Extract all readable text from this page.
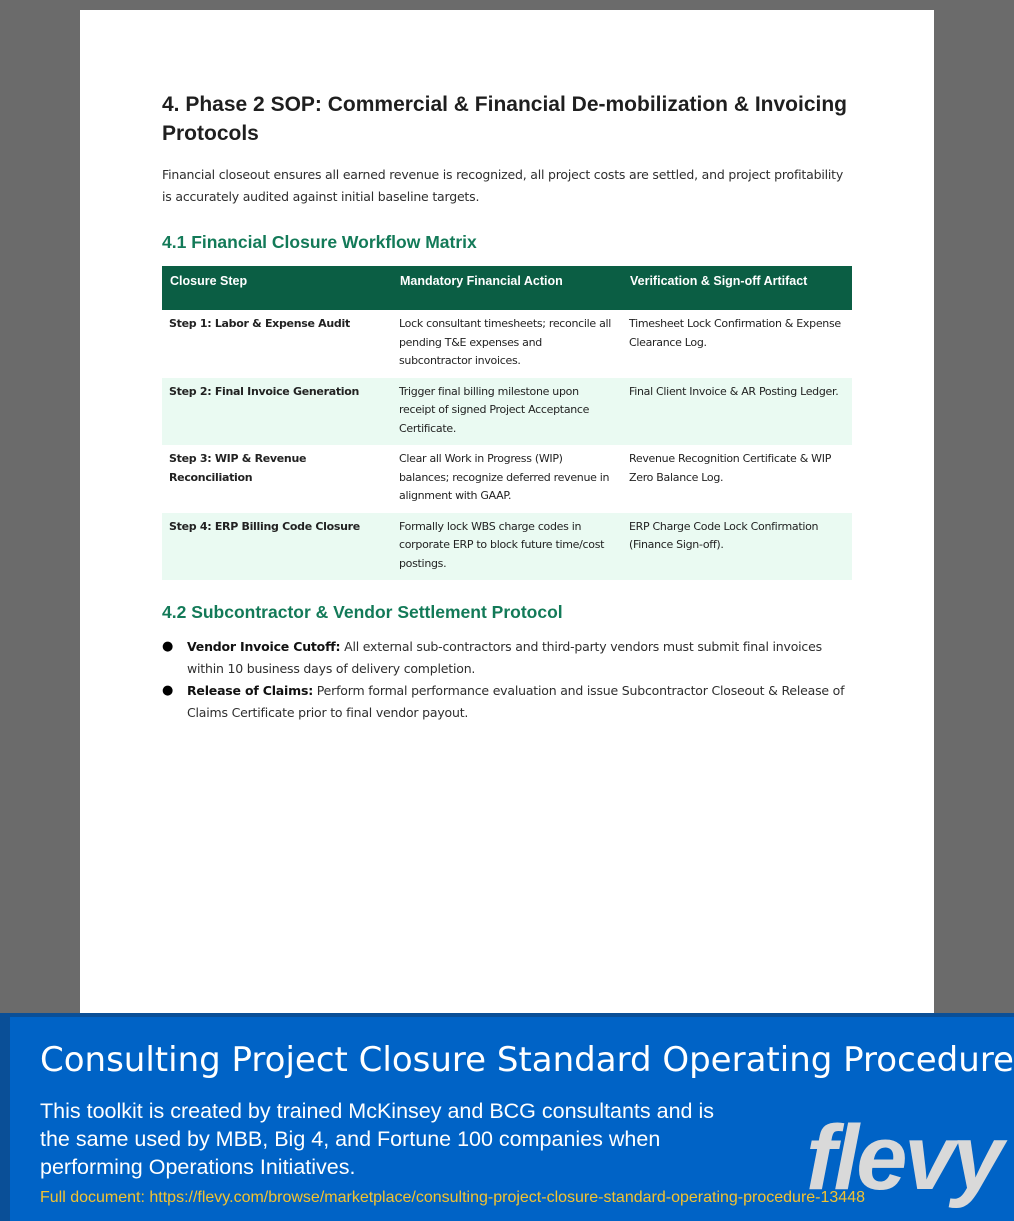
4. Phase 2 SOP: Commercial & Financial De-mobilization & Invoicing Protocols

Financial closeout ensures all earned revenue is recognized, all project costs are settled, and project profitability is accurately audited against initial baseline targets.

4.1 Financial Closure Workflow Matrix
Closure Step	Mandatory Financial Action	Verification & Sign-off Artifact
Step 1: Labor & Expense Audit	Lock consultant timesheets; reconcile all pending T&E expenses and subcontractor invoices.	Timesheet Lock Confirmation & Expense Clearance Log.
Step 2: Final Invoice Generation	Trigger final billing milestone upon receipt of signed Project Acceptance Certificate.	Final Client Invoice & AR Posting Ledger.
Step 3: WIP & Revenue Reconciliation	Clear all Work in Progress (WIP) balances; recognize deferred revenue in alignment with GAAP.	Revenue Recognition Certificate & WIP Zero Balance Log.
Step 4: ERP Billing Code Closure	Formally lock WBS charge codes in corporate ERP to block future time/cost postings.	ERP Charge Code Lock Confirmation (Finance Sign-off).
4.2 Subcontractor & Vendor Settlement Protocol
● Vendor Invoice Cutoff: All external sub-contractors and third-party vendors must submit final invoices within 10 business days of delivery completion.
● Release of Claims: Perform formal performance evaluation and issue Subcontractor Closeout & Release of Claims Certificate prior to final vendor payout.
Consulting Project Closure Standard Operating Procedure
This toolkit is created by trained McKinsey and BCG consultants and is the same used by MBB, Big 4, and Fortune 100 companies when performing Operations Initiatives.
Full document: https://flevy.com/browse/marketplace/consulting-project-closure-standard-operating-procedure-13448
flevy
